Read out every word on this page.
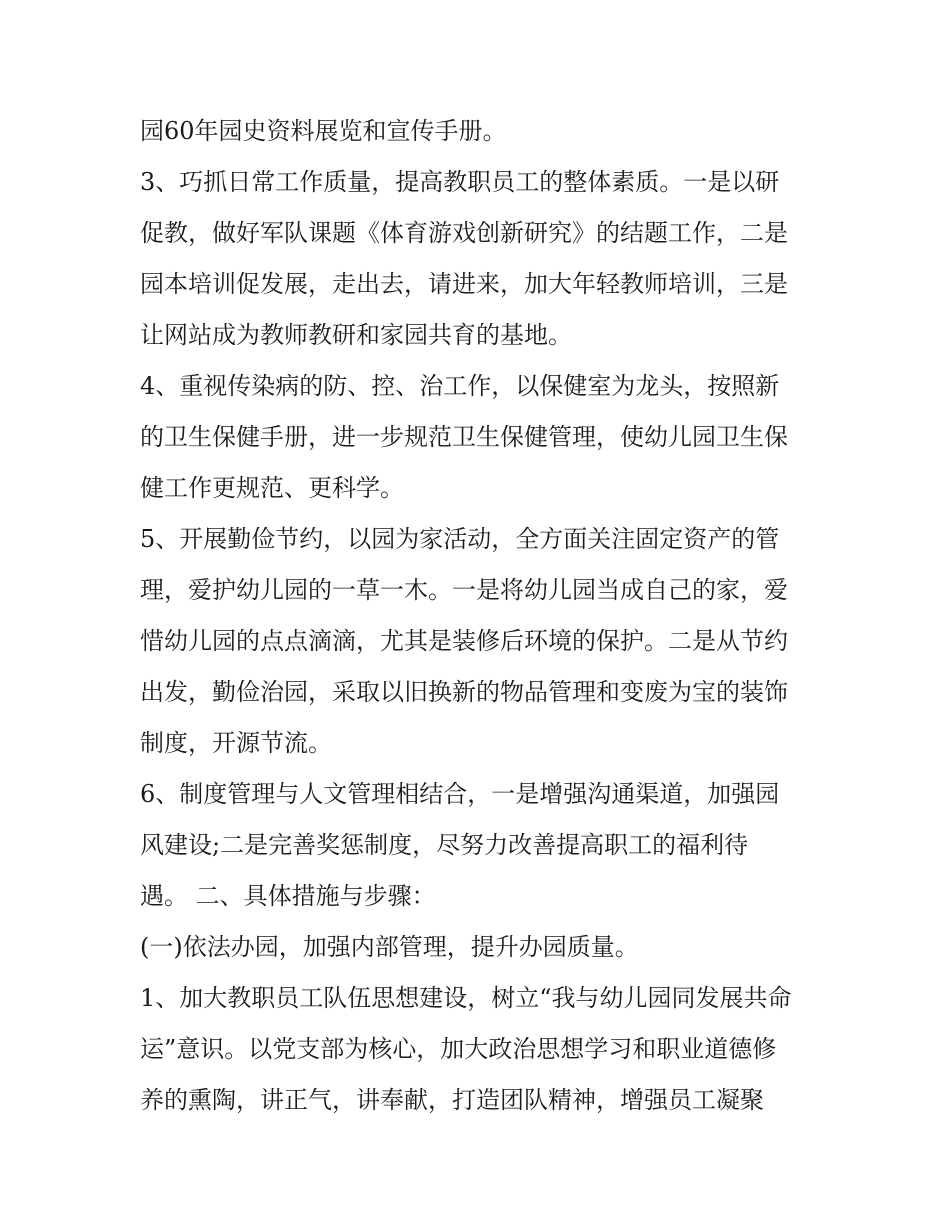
园60年园史资料展览和宣传手册。
3、巧抓日常工作质量，提高教职员工的整体素质。一是以研
促教，做好军队课题《体育游戏创新研究》的结题工作，二是
园本培训促发展，走出去，请进来，加大年轻教师培训，三是
让网站成为教师教研和家园共育的基地。
4、重视传染病的防、控、治工作，以保健室为龙头，按照新
的卫生保健手册，进一步规范卫生保健管理，使幼儿园卫生保
健工作更规范、更科学。
5、开展勤俭节约，以园为家活动，全方面关注固定资产的管
理，爱护幼儿园的一草一木。一是将幼儿园当成自己的家，爱
惜幼儿园的点点滴滴，尤其是装修后环境的保护。二是从节约
出发，勤俭治园，采取以旧换新的物品管理和变废为宝的装饰
制度，开源节流。
6、制度管理与人文管理相结合，一是增强沟通渠道，加强园
风建设;二是完善奖惩制度，尽努力改善提高职工的福利待
遇。 二、具体措施与步骤：
(一)依法办园，加强内部管理，提升办园质量。
1、加大教职员工队伍思想建设，树立“我与幼儿园同发展共命
运”意识。以党支部为核心，加大政治思想学习和职业道德修
养的熏陶，讲正气，讲奉献，打造团队精神，增强员工凝聚
